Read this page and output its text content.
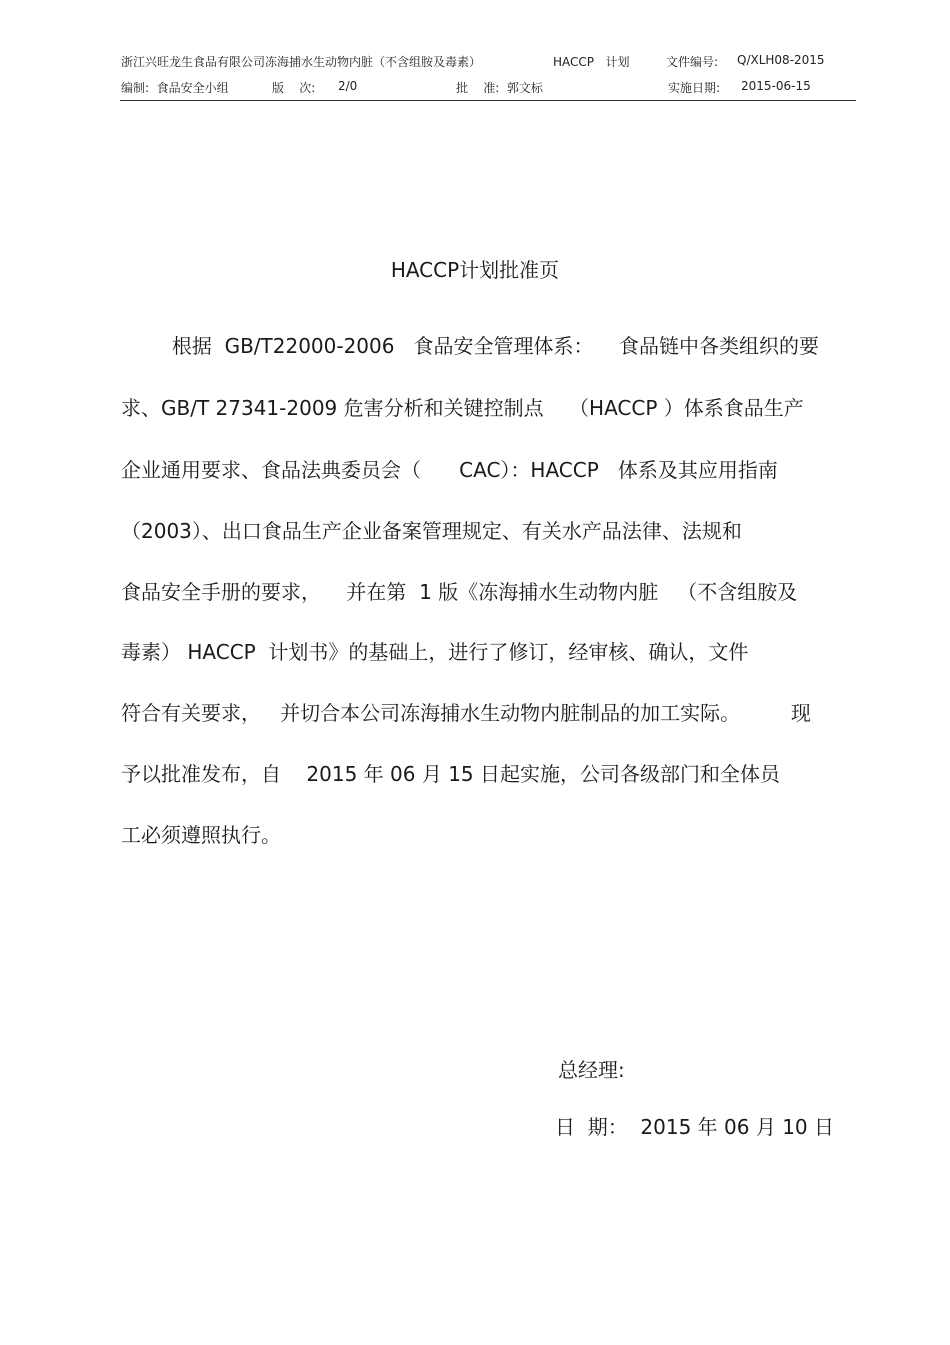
浙江兴旺龙生食品有限公司冻海捕水生动物内脏（不含组胺及毒素）	HACCP   计划	文件编号: Q/XLH08-2015
编制:  食品安全小组	版    次: 2/0	批    准:  郭文标	实施日期: 2015-06-15
HACCP计划批准页
根据  GB/T22000-2006   食品安全管理体系：    食品链中各类组织的要
求、GB/T 27341-2009 危害分析和关键控制点    （HACCP ）体系食品生产
企业通用要求、食品法典委员会（      CAC）：HACCP   体系及其应用指南
（2003）、出口食品生产企业备案管理规定、有关水产品法律、法规和
食品安全手册的要求，    并在第  1 版《冻海捕水生动物内脏   （不含组胺及
毒素） HACCP  计划书》的基础上，进行了修订，经审核、确认，文件
符合有关要求，   并切合本公司冻海捕水生动物内脏制品的加工实际。        现
予以批准发布，自    2015 年 06 月 15 日起实施，公司各级部门和全体员
工必须遵照执行。
总经理:
日  期：  2015 年 06 月 10 日
